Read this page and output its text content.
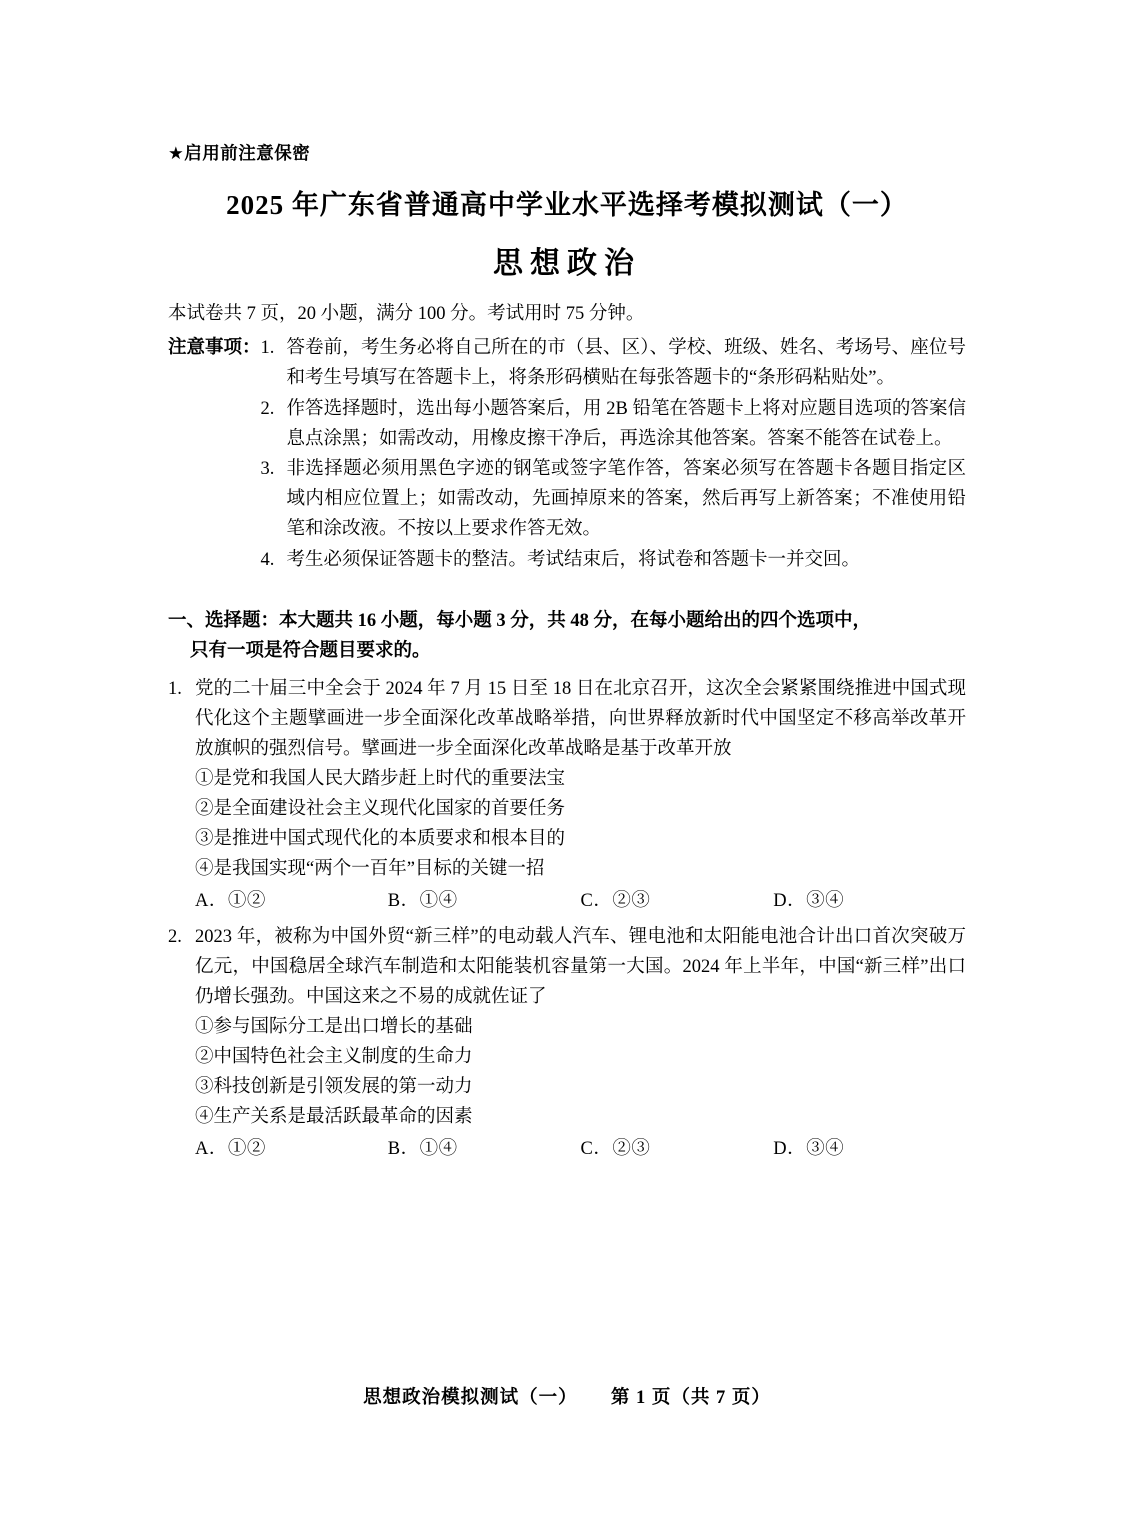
★启用前注意保密
2025 年广东省普通高中学业水平选择考模拟测试（一）
思想政治

本试卷共 7 页，20 小题，满分 100 分。考试用时 75 分钟。

注意事项： 答卷前，考生务必将自己所在的市（县、区）、学校、班级、姓名、考场号、座位号和考生号填写在答题卡上，将条形码横贴在每张答题卡的“条形码粘贴处”。
作答选择题时，选出每小题答案后，用 2B 铅笔在答题卡上将对应题目选项的答案信息点涂黑；如需改动，用橡皮擦干净后，再选涂其他答案。答案不能答在试卷上。
非选择题必须用黑色字迹的钢笔或签字笔作答，答案必须写在答题卡各题目指定区域内相应位置上；如需改动，先画掉原来的答案，然后再写上新答案；不准使用铅笔和涂改液。不按以上要求作答无效。
考生必须保证答题卡的整洁。考试结束后，将试卷和答题卡一并交回。
一、选择题：本大题共 16 小题，每小题 3 分，共 48 分，在每小题给出的四个选项中，
只有一项是符合题目要求的。
1. 党的二十届三中全会于 2024 年 7 月 15 日至 18 日在北京召开，这次全会紧紧围绕推进中国式现代化这个主题擘画进一步全面深化改革战略举措，向世界释放新时代中国坚定不移高举改革开放旗帜的强烈信号。擘画进一步全面深化改革战略是基于改革开放

①是党和我国人民大踏步赶上时代的重要法宝

②是全面建设社会主义现代化国家的首要任务

③是推进中国式现代化的本质要求和根本目的

④是我国实现“两个一百年”目标的关键一招

A．①②	B．①④	C．②③	D．③④
2. 2023 年，被称为中国外贸“新三样”的电动载人汽车、锂电池和太阳能电池合计出口首次突破万亿元，中国稳居全球汽车制造和太阳能装机容量第一大国。2024 年上半年，中国“新三样”出口仍增长强劲。中国这来之不易的成就佐证了

①参与国际分工是出口增长的基础

②中国特色社会主义制度的生命力

③科技创新是引领发展的第一动力

④生产关系是最活跃最革命的因素

A．①②	B．①④	C．②③	D．③④
思想政治模拟测试（一） 第 1 页（共 7 页）
